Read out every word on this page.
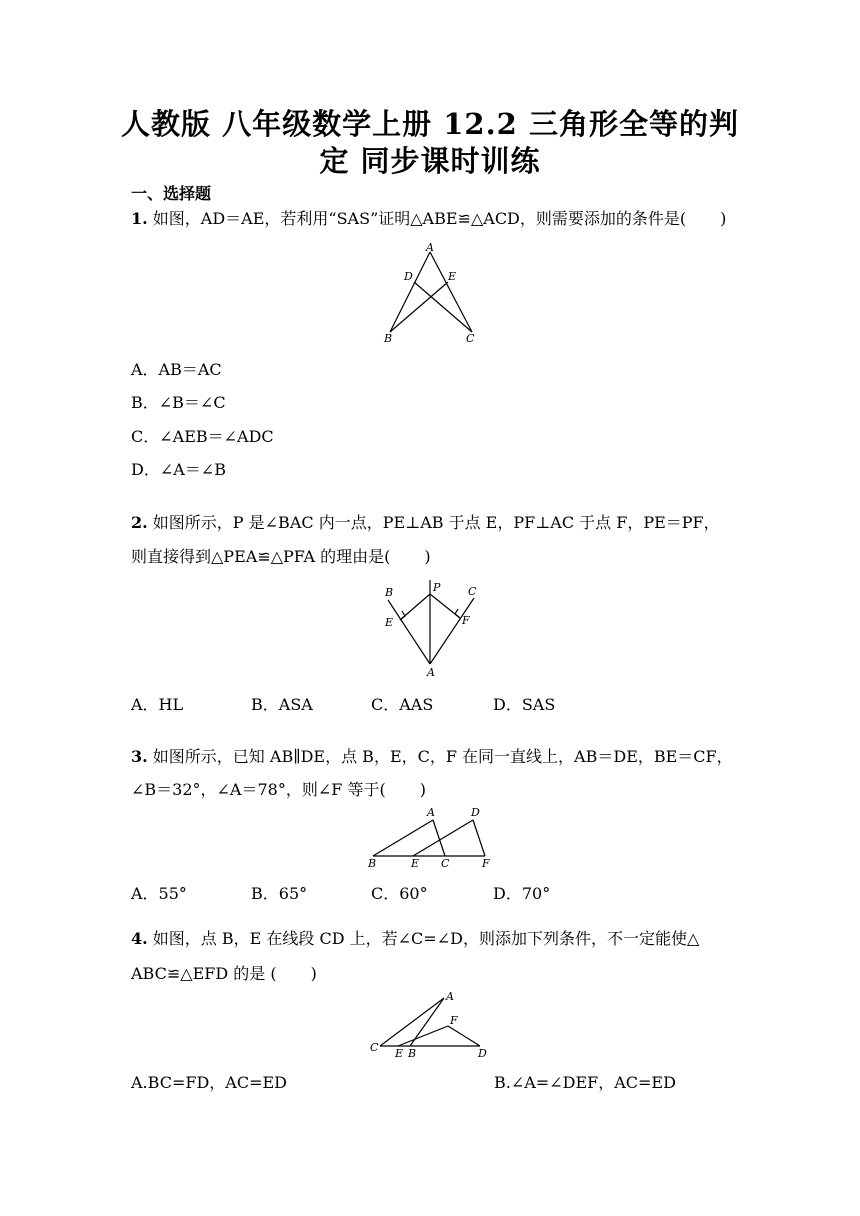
人教版 八年级数学上册 12.2 三角形全等的判
定 同步课时训练
一、选择题
1. 如图，AD＝AE，若利用“SAS”证明△ABE≌△ACD，则需要添加的条件是( )
A
D	E
B	C
A．AB＝AC
B．∠B＝∠C
C．∠AEB＝∠ADC
D．∠A＝∠B
2. 如图所示，P 是∠BAC 内一点，PE⊥AB 于点 E，PF⊥AC 于点 F，PE＝PF，
则直接得到△PEA≌△PFA 的理由是( )
B	P	C
E	F
A
A．HL	B．ASA	C．AAS	D．SAS
3. 如图所示，已知 AB∥DE，点 B，E，C，F 在同一直线上，AB＝DE，BE＝CF，
∠B＝32°，∠A＝78°，则∠F 等于( )
A	D
B	E C	F
A．55°	B．65°	C．60°	D．70°
4. 如图，点 B，E 在线段 CD 上，若∠C=∠D，则添加下列条件，不一定能使△
ABC≌△EFD 的是 ( )
A
F
C E B	D
A.BC=FD，AC=ED	B.∠A=∠DEF，AC=ED
